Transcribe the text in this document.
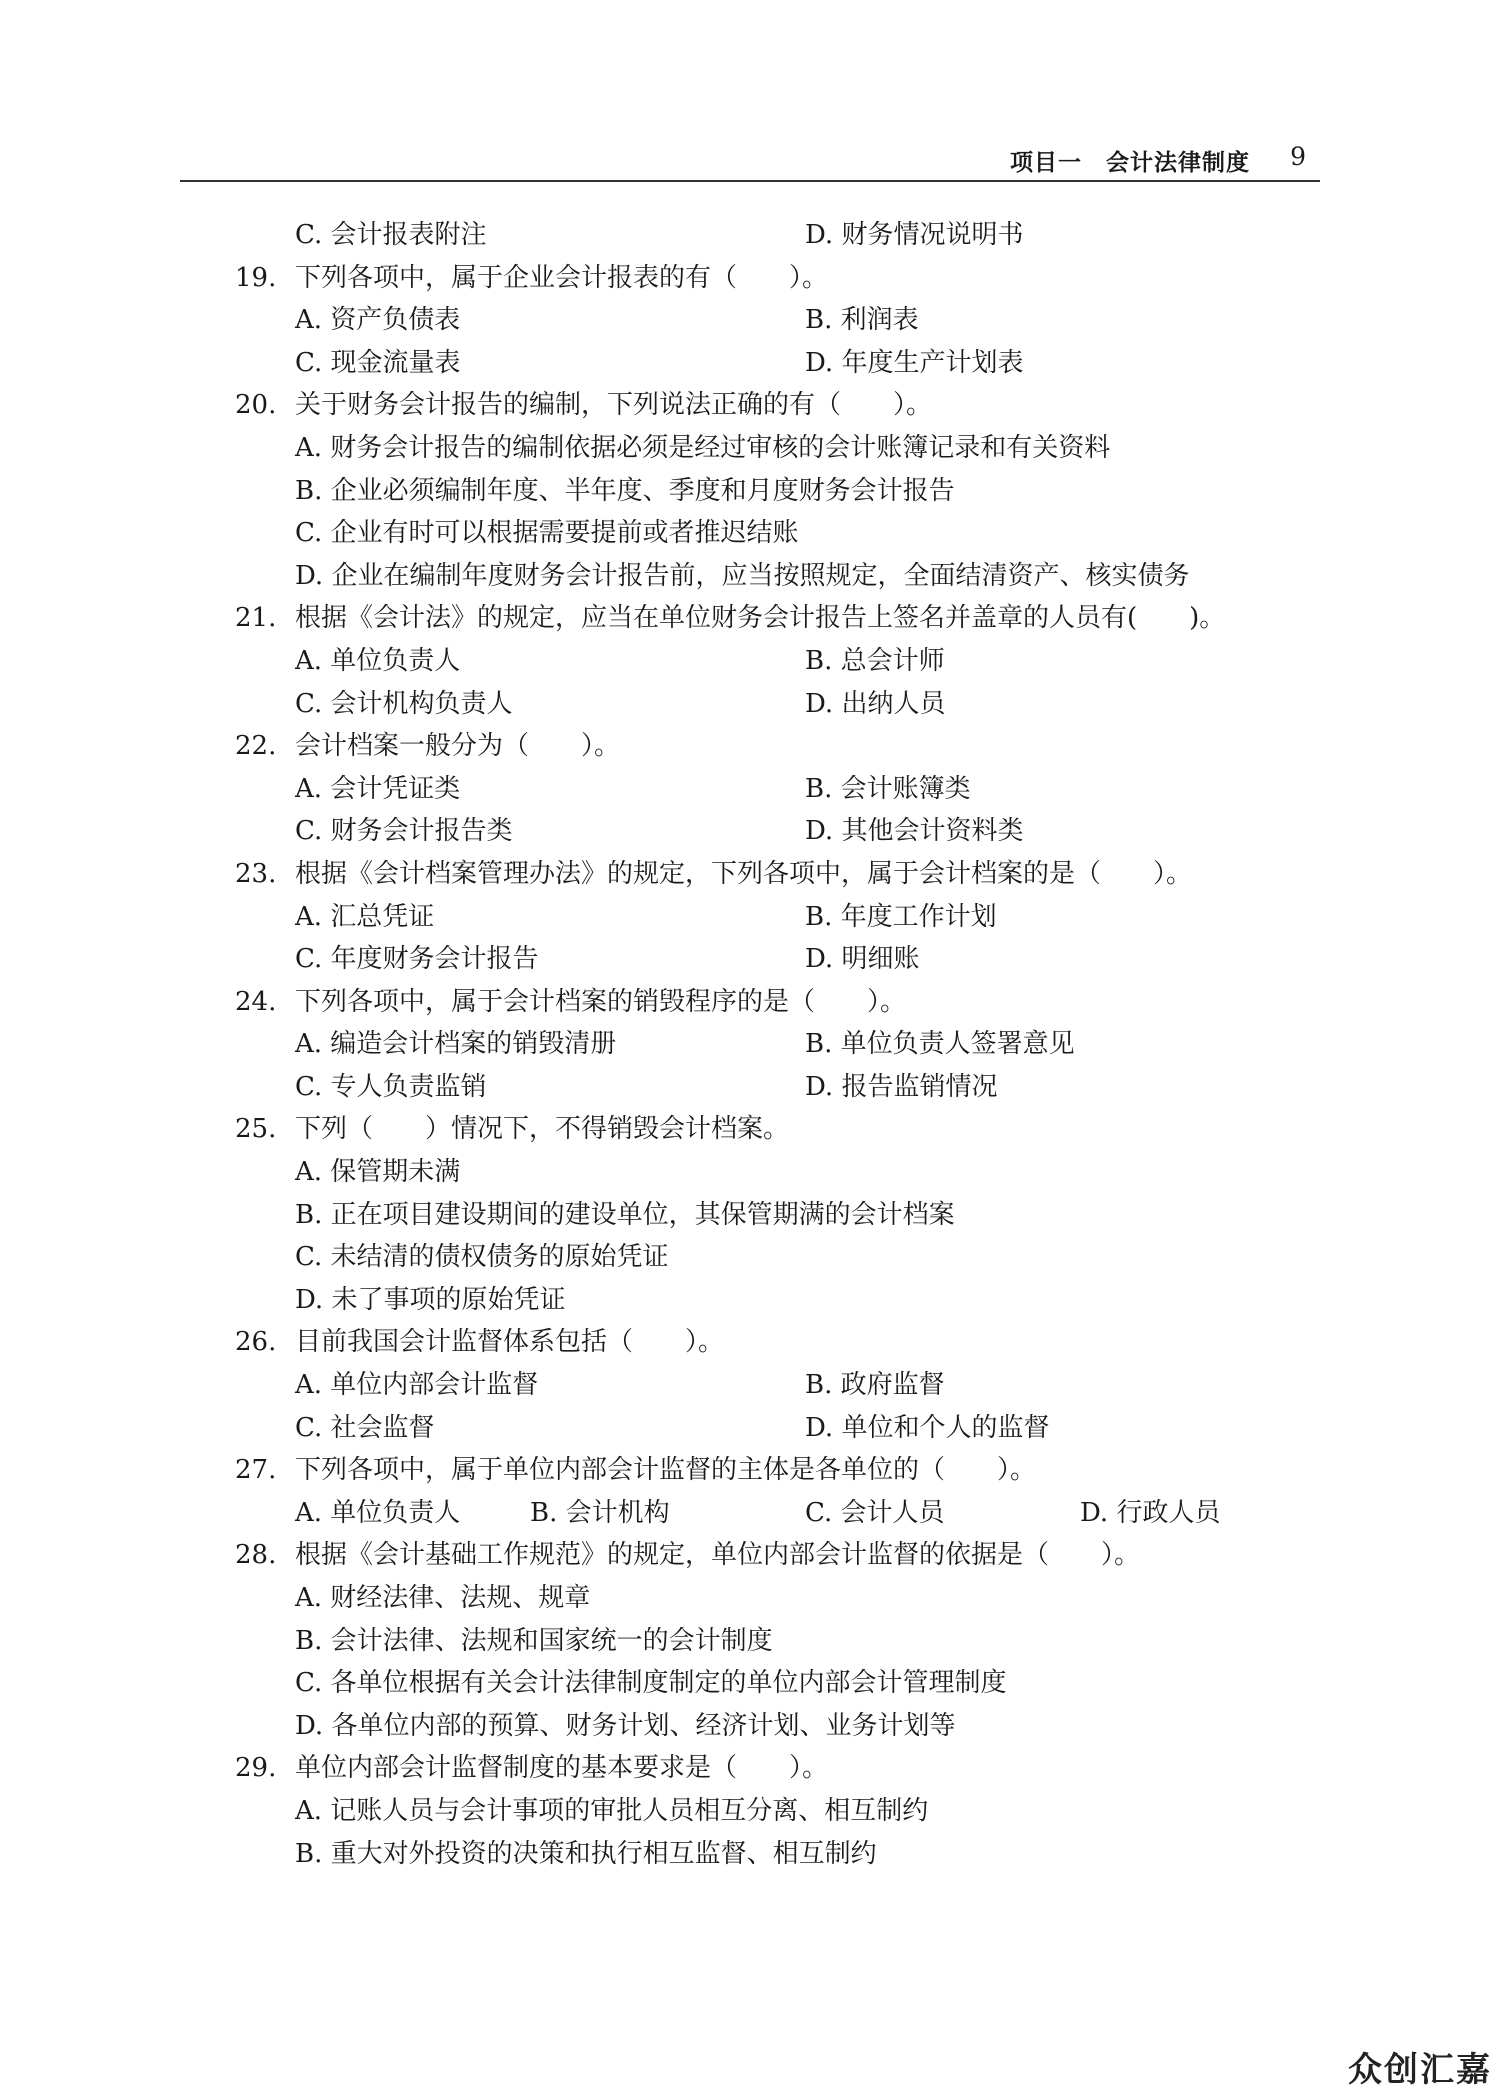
项目一　会计法律制度 9
C. 会计报表附注	D. 财务情况说明书
19. 下列各项中，属于企业会计报表的有（　　）。
A. 资产负债表	B. 利润表
C. 现金流量表	D. 年度生产计划表
20. 关于财务会计报告的编制，下列说法正确的有（　　）。
A. 财务会计报告的编制依据必须是经过审核的会计账簿记录和有关资料
B. 企业必须编制年度、半年度、季度和月度财务会计报告
C. 企业有时可以根据需要提前或者推迟结账
D. 企业在编制年度财务会计报告前，应当按照规定，全面结清资产、核实债务
21. 根据《会计法》的规定，应当在单位财务会计报告上签名并盖章的人员有(　　)。
A. 单位负责人	B. 总会计师
C. 会计机构负责人	D. 出纳人员
22. 会计档案一般分为（　　）。
A. 会计凭证类	B. 会计账簿类
C. 财务会计报告类	D. 其他会计资料类
23. 根据《会计档案管理办法》的规定，下列各项中，属于会计档案的是（　　）。
A. 汇总凭证	B. 年度工作计划
C. 年度财务会计报告	D. 明细账
24. 下列各项中，属于会计档案的销毁程序的是（　　）。
A. 编造会计档案的销毁清册	B. 单位负责人签署意见
C. 专人负责监销	D. 报告监销情况
25. 下列（　　）情况下，不得销毁会计档案。
A. 保管期未满
B. 正在项目建设期间的建设单位，其保管期满的会计档案
C. 未结清的债权债务的原始凭证
D. 未了事项的原始凭证
26. 目前我国会计监督体系包括（　　）。
A. 单位内部会计监督	B. 政府监督
C. 社会监督	D. 单位和个人的监督
27. 下列各项中，属于单位内部会计监督的主体是各单位的（　　）。
A. 单位负责人	B. 会计机构	C. 会计人员	D. 行政人员
28. 根据《会计基础工作规范》的规定，单位内部会计监督的依据是（　　）。
A. 财经法律、法规、规章
B. 会计法律、法规和国家统一的会计制度
C. 各单位根据有关会计法律制度制定的单位内部会计管理制度
D. 各单位内部的预算、财务计划、经济计划、业务计划等
29. 单位内部会计监督制度的基本要求是（　　）。
A. 记账人员与会计事项的审批人员相互分离、相互制约
B. 重大对外投资的决策和执行相互监督、相互制约
众创汇嘉
